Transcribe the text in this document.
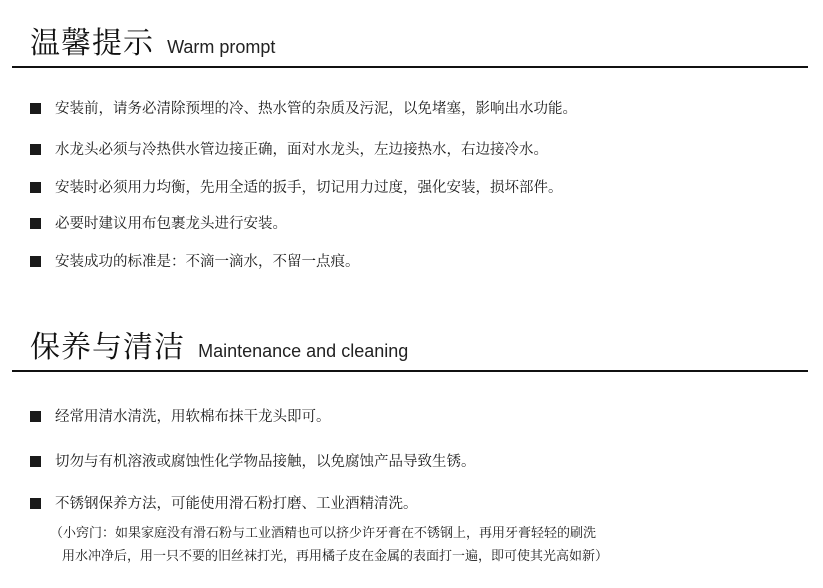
温馨提示 Warm prompt
安装前，请务必清除预埋的冷、热水管的杂质及污泥，以免堵塞，影响出水功能。
水龙头必须与冷热供水管边接正确，面对水龙头，左边接热水，右边接冷水。
安装时必须用力均衡，先用全适的扳手，切记用力过度，强化安装，损坏部件。
必要时建议用布包裹龙头进行安装。
安装成功的标准是：不滴一滴水，不留一点痕。
保养与清洁 Maintenance and cleaning
经常用清水清洗，用软棉布抹干龙头即可。
切勿与有机溶液或腐蚀性化学物品接触，以免腐蚀产品导致生锈。
不锈钢保养方法，可能使用滑石粉打磨、工业酒精清洗。
（小窍门：如果家庭没有滑石粉与工业酒精也可以挤少许牙膏在不锈钢上，再用牙膏轻轻的刷洗
用水冲净后，用一只不要的旧丝袜打光，再用橘子皮在金属的表面打一遍，即可使其光高如新）
